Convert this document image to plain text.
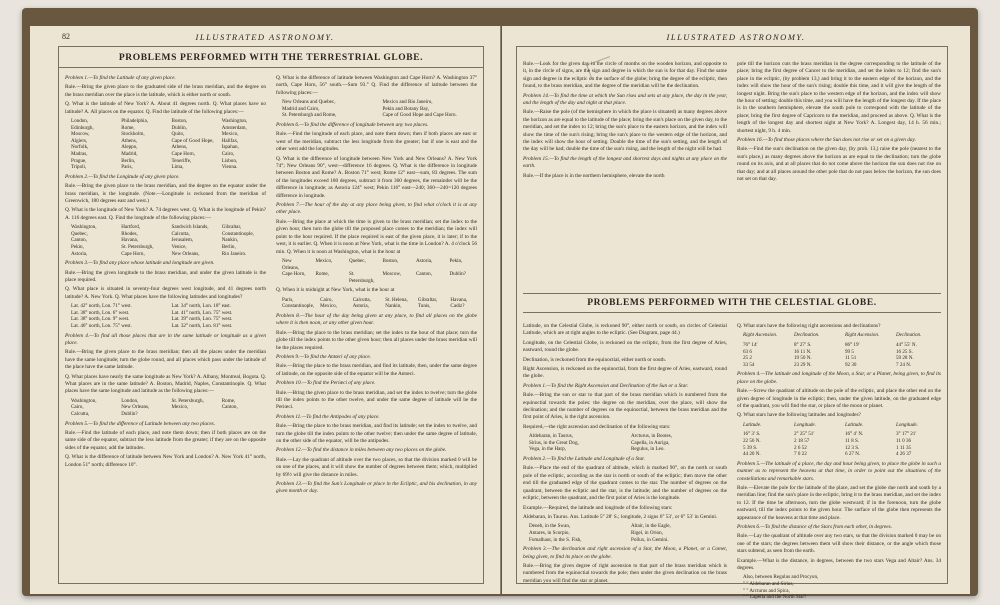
82	ILLUSTRATED ASTRONOMY.
PROBLEMS PERFORMED WITH THE TERRESTRIAL GLOBE.

Problem 1.—To find the Latitude of any given place.

Rule.—Bring the given place to the graduated side of the brass meridian, and the degree on the brass meridian over the place is the latitude, which is either north or south.

Q. What is the latitude of New York? A. About 41 degrees north. Q. What places have no latitude? A. All places on the equator. Q. Find the latitude of the following places:—

London,	Philadelphia,	Boston,	Washington,
Edinburgh,	Rome,	Dublin,	Amsterdam,
Moscow,	Stockholm,	Quito,	Mexico,
Algiers,	Athens,	Cape of Good Hope,	Halifax,
Norfolk,	Aleppo,	Athens,	Ispahan,
Madras,	Madrid,	Cape Horn,	Cairo,
Prague,	Berlin,	Teneriffe,	Lisbon,
Tripoli,	Paris,	Lima,	Vienna.

Problem 2.—To find the Longitude of any given place.

Rule.—Bring the given place to the brass meridian, and the degree on the equator under the brass meridian, is the longitude. (Note.—Longitude is reckoned from the meridian of Greenwich, 180 degrees east and west.)

Q. What is the longitude of New York? A. 74 degrees west. Q. What is the longitude of Pekin? A. 116 degrees east. Q. Find the longitude of the following places:—

Washington,	Hartford,	Sandwich Islands,	Gibraltar,
Quebec,	Rhodes,	Calcutta,	Constantinople,
Canton,	Havana,	Jerusalem,	Nankin,
Pekin,	St. Petersburgh,	Venice,	Berlin,
Astoria,	Cape Horn,	New Orleans,	Rio Janeiro.

Problem 3.—To find any place whose latitude and longitude are given.

Rule.—Bring the given longitude to the brass meridian, and under the given latitude is the place required.

Q. What place is situated in seventy-four degrees west longitude, and 41 degrees north latitude? A. New York. Q. What places have the following latitudes and longitudes?

Lat. 42° north, Lon. 71° west.	Lat. 34° north, Lon. 18° east.
Lat. 38° north, Lon. 6° west.	Lat. 41° north, Lon. 75° west.
Lat. 38° north, Lon. 9° west.	Lat. 39° north, Lon. 75° west.
Lat. 46° north, Lon. 75° west.	Lat. 32° north, Lon. 81° west.

Problem 4.—To find all those places that are in the same latitude or longitude as a given place.

Rule.—Bring the given place to the brass meridian; then all the places under the meridian have the same longitude; turn the globe round, and all places which pass under the latitude of the place have the same latitude.

Q. What places have nearly the same longitude as New York? A. Albany, Montreal, Bogota. Q. What places are in the same latitude? A. Boston, Madrid, Naples, Constantinople. Q. What places have the same longitude and latitude as the following places:—

Washington,	London,	St. Petersburgh,	Rome,
Cairo,	New Orleans,	Mexico,	Canton,
Calcutta,	Dublin?

Problem 5.—To find the difference of Latitude between any two places.

Rule.—Find the latitude of each place, and note them down; then if both places are on the same side of the equator, subtract the less latitude from the greater; if they are on the opposite sides of the equator, add the latitudes.

Q. What is the difference of latitude between New York and London? A. New York 41° north, London 51° north; difference 10°.

Q. What is the difference of latitude between Washington and Cape Horn? A. Washington 37° north, Cape Horn, 56° south.—Sum 93.° Q. Find the difference of latitude between the following places:—

New Orleans and Quebec,	Mexico and Rio Janeiro,
Madrid and Cairo,	Pekin and Botany Bay,
St. Petersburgh and Rome,	Cape of Good Hope and Cape Horn.

Problem 6.—To find the difference of longitude between any two places.

Rule.—Find the longitude of each place, and note them down; then if both places are east or west of the meridian, subtract the less longitude from the greater; but if one is east and the other west add the longitudes.

Q. What is the difference of longitude between New York and New Orleans? A. New York 74°; New Orleans 90°, west—difference 16 degrees. Q. What is the difference in longitude between Boston and Rome? A. Boston 71° west; Rome 12° east—sum, 83 degrees. The sum of the longitudes exceed 180 degrees, subtract it from 360 degrees, the remainder will be the difference in longitude; as Astoria 124° west; Pekin 116° east—240; 360—240=120 degrees difference in longitude.

Problem 7.—The hour of the day at any place being given, to find what o'clock it is at any other place.

Rule.—Bring the place at which the time is given to the brass meridian; set the index to the given hour, then turn the globe till the proposed place comes to the meridian; the index will point to the hour required. If the place required is east of the given place, it is later; if to the west, it is earlier. Q. When it is noon at New York, what is the time in London? A. 4 o'clock 56 min. Q. When it is noon at Washington, what is the hour at

New Orleans,
Mexico,	Quebec,	Boston,	Astoria,	Pekin,
Cape Horn,	Rome,	St. Petersburgh,
Moscow,	Canton,	Dublin?

Q. When it is midnight at New York, what is the hour at

Paris,	Cairo,	Calcutta,	St. Helena,	Gibraltar,	Havana,
Constantinople, Mexico,	Astoria,	Nankin,	Tunis,	Cadiz?

Problem 8.—The hour of the day being given at any place, to find all places on the globe where it is then noon, or any other given hour.

Rule.—Bring the place to the brass meridian; set the index to the hour of that place; turn the globe till the index points to the other given hour; then all places under the brass meridian will be the places required.

Problem 9.—To find the Antœci of any place.

Rule.—Bring the place to the brass meridian, and find its latitude, then, under the same degree of latitude, on the opposite side of the equator will be the Antœci.

Problem 10.—To find the Periœci of any place.

Rule.—Bring the given place to the brass meridian, and set the index to twelve; turn the globe till the index points to the other twelve, and under the same degree of latitude will be the Periœci.

Problem 11.—To find the Antipodes of any place.

Rule.—Bring the place to the brass meridian, and find its latitude; set the index to twelve, and turn the globe till the index points to the other twelve; then under the same degree of latitude, on the other side of the equator, will be the antipodes.

Problem 12.—To find the distance in miles between any two places on the globe.

Rule.—Lay the quadrant of altitude over the two places, so that the division marked 0 will be on one of the places, and it will show the number of degrees between them; which, multiplied by 69½ will give the distance in miles.

Problem 13.—To find the Sun's Longitude or place in the Ecliptic, and his declination, in any given month or day.

ILLUSTRATED ASTRONOMY.

Rule.—Look for the given day in the circle of months on the wooden horizon, and opposite to it, in the circle of signs, are the sign and degree in which the sun is for that day. Find the same sign and degree in the ecliptic on the surface of the globe; bring the degree of the ecliptic, then found, to the brass meridian, and the degree of the meridian will be the declination.

Problem 14.—To find the time at which the Sun rises and sets at any place, the day in the year, and the length of the day and night at that place.

Rule.—Raise the pole (of the hemisphere in which the place is situated) as many degrees above the horizon as are equal to the latitude of the place; bring the sun's place on the given day, to the meridian, and set the index to 12; bring the sun's place to the eastern horizon, and the index will show the time of the sun's rising; bring the sun's place to the western edge of the horizon, and the index will show the hour of setting. Double the time of the sun's setting, and the length of the day will be had; double the time of the sun's rising, and the length of the night will be had.

Problem 15.—To find the length of the longest and shortest days and nights at any place on the earth.

Rule.—If the place is in the northern hemisphere, elevate the north

pole till the horizon cuts the brass meridian in the degree corresponding to the latitude of the place; bring the first degree of Cancer to the meridian, and set the index to 12; find the sun's place in the ecliptic, (by problem 13,) and bring it to the eastern edge of the horizon, and the index will show the hour of the sun's rising; double this time, and it will give the length of the longest night. Bring the sun's place to the western edge of the horizon, and the index will show the hour of setting; double this time, and you will have the length of the longest day. If the place is in the southern hemisphere, elevate the south pole to correspond with the latitude of the place; bring the first degree of Capricorn to the meridian, and proceed as above. Q. What is the length of the longest day and shortest night at New York? A. Longest day, 14 h. 56 min.; shortest night, 9 h. 4 min.

Problem 16.—To find those places where the Sun does not rise or set on a given day.

Rule.—Find the sun's declination on the given day, (by prob. 13,) raise the pole (nearest to the sun's place,) as many degrees above the horizon as are equal to the declination; turn the globe round on its axis, and at all places that do not come above the horizon the sun does not rise on that day; and at all places around the other pole that do not pass below the horizon, the sun does not set on that day.

PROBLEMS PERFORMED WITH THE CELESTIAL GLOBE.

Latitude, on the Celestial Globe, is reckoned 90°, either north or south, on circles of Celestial Latitude, which are at right angles to the ecliptic. (See Diagram, page 44.)

Longitude, on the Celestial Globe, is reckoned on the ecliptic, from the first degree of Aries, eastward, round the globe.

Declination, is reckoned from the equinoctial, either north or south.

Right Ascension, is reckoned on the equinoctial, from the first degree of Aries, eastward, round the globe.

Problem 1.—To find the Right Ascension and Declination of the Sun or a Star.

Rule.—Bring the sun or star to that part of the brass meridian which is numbered from the equinoctial towards the poles: the degree on the meridian, over the place, will show the declination; and the number of degrees on the equinoctial, between the brass meridian and the first point of Aries, is the right ascension.

Required,—the right ascension and declination of the following stars:

Aldebaran, in Taurus,	Arcturus, in Bootes,
Sirius, in the Great Dog,	Capella, in Auriga,
Vega, in the Harp,	Regulus, in Leo.

Problem 2.—To find the Latitude and Longitude of a Star.

Rule.—Place the end of the quadrant of altitude, which is marked 90°, on the north or south pole of the ecliptic, according as the star is north or south of the ecliptic; then move the other end till the graduated edge of the quadrant comes to the star. The number of degrees on the quadrant, between the ecliptic and the star, is the latitude; and the number of degrees on the ecliptic, between the quadrant, and the first point of Aries is the longitude.

Example.—Required, the latitude and longitude of the following stars:

Aldebaran, in Taurus. Ans. Latitude 5° 28′ S.; longitude, 2 signs 6° 53′, or 6° 53′ in Gemini.

Deneb, in the Swan,	Altair, in the Eagle,
Antares, in Scorpio,	Rigel, in Orion,
Fomalhaut, in the S. Fish,	Pollux, in Gemini.

Problem 3.—The declination and right ascension of a Star, the Moon, a Planet, or a Comet, being given, to find its place on the globe.

Rule.—Bring the given degree of right ascension to that part of the brass meridian which is numbered from the equinoctial towards the pole; then under the given declination on the brass meridian you will find the star or planet.

Q. What stars have the following right ascensions and declinations?

Right Ascension.	Declination.	Right Ascension.	Declination.
76° 14′	8° 27′ S.	86° 19′	44° 55′ N.
63 6	16 11 N.	99 5	16 25 S.
25 2	19 50 N.	11 51	59 28 N.
33 54	23 29 N.	92 30	7 24 N.

Problem 4.—The latitude and longitude of the Moon, a Star, or a Planet, being given, to find its place on the globe.

Rule.—Screw the quadrant of altitude on the pole of the ecliptic, and place the other end on the given degree of longitude in the ecliptic; then, under the given latitude, on the graduated edge of the quadrant, you will find the star, or place of the moon or planet.

Q. What stars have the following latitudes and longitudes?

Latitude.	Longitude.	Latitude.	Longitude.
16° 3′ S.	2° 25° 51′	16° 4′ N.	3° 17° 21′
22 56 N.	2 18 57	11 8 S.	11 0 36
5 39 S.	2 6 52	12 3 S.	1 11 35
44 20 N.	7 0 22	6 27 N.	4 26 37

Problem 5.—The latitude of a place, the day and hour being given, to place the globe in such a manner as to represent the heavens at that time, in order to point out the situations of the constellations and remarkable stars.

Rule.—Elevate the pole for the latitude of the place, and set the globe due north and south by a meridian line; find the sun's place in the ecliptic, bring it to the brass meridian, and set the index to 12. If the time be afternoon, turn the globe westward; if in the forenoon, turn the globe eastward, till the index points to the given hour. The surface of the globe then represents the appearance of the heavens at that time and place.

Problem 6.—To find the distance of the Stars from each other, in degrees.

Rule.—Lay the quadrant of altitude over any two stars, so that the division marked 0 may be on one of the stars; the degrees between them will show their distance, or the angle which those stars subtend, as seen from the earth.

Example.—What is the distance, in degrees, between the two stars Vega and Altair? Ans. 34 degrees.

Also, between Regulus and Procyon,
" " Aldebaran and Sirius,
" " Arcturus and Spica,
" " Capella and the North Star?
